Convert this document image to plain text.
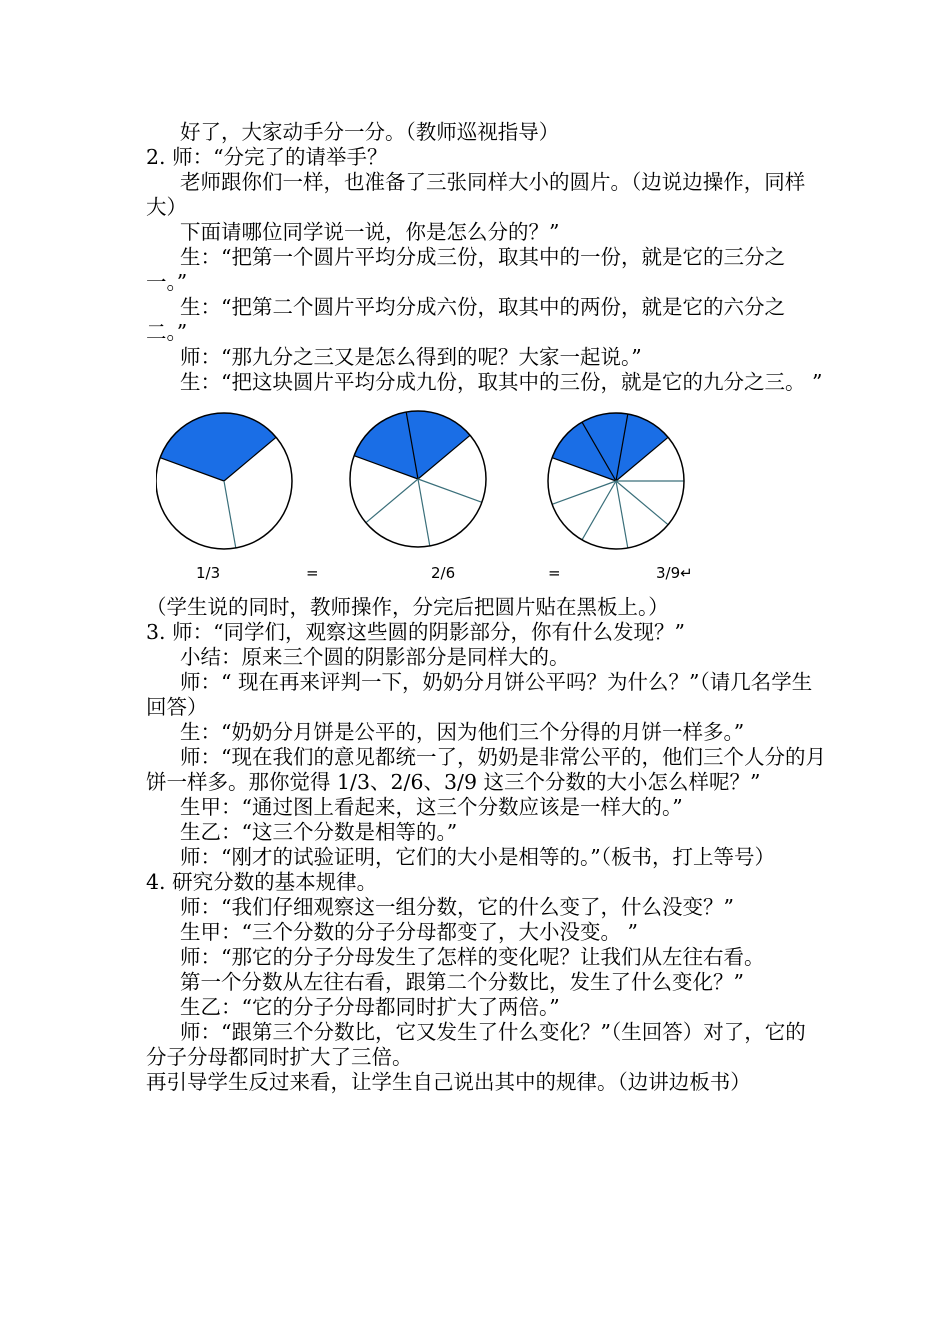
好了，大家动手分一分。（教师巡视指导）

2. 师：“分完了的请举手？

老师跟你们一样，也准备了三张同样大小的圆片。（边说边操作，同样大）

下面请哪位同学说一说，你是怎么分的？”

生：“把第一个圆片平均分成三份，取其中的一份，就是它的三分之一。”

生：“把第二个圆片平均分成六份，取其中的两份，就是它的六分之二。”

师：“那九分之三又是怎么得到的呢？大家一起说。”

生：“把这块圆片平均分成九份，取其中的三份，就是它的九分之三。 ”

1/3	=	2/6	=	3/9↵

（学生说的同时，教师操作，分完后把圆片贴在黑板上。）

3. 师：“同学们，观察这些圆的阴影部分，你有什么发现？”

小结：原来三个圆的阴影部分是同样大的。

师：“ 现在再来评判一下，奶奶分月饼公平吗？为什么？”（请几名学生回答）

生：“奶奶分月饼是公平的，因为他们三个分得的月饼一样多。”

师：“现在我们的意见都统一了，奶奶是非常公平的，他们三个人分的月饼一样多。那你觉得 1/3、2/6、3/9 这三个分数的大小怎么样呢？”

生甲：“通过图上看起来，这三个分数应该是一样大的。”

生乙：“这三个分数是相等的。”

师：“刚才的试验证明，它们的大小是相等的。”（板书，打上等号）

4. 研究分数的基本规律。

师：“我们仔细观察这一组分数，它的什么变了，什么没变？”

生甲：“三个分数的分子分母都变了，大小没变。 ”

师：“那它的分子分母发生了怎样的变化呢？让我们从左往右看。

第一个分数从左往右看，跟第二个分数比，发生了什么变化？”

生乙：“它的分子分母都同时扩大了两倍。”

师：“跟第三个分数比，它又发生了什么变化？”（生回答）对了，它的分子分母都同时扩大了三倍。

再引导学生反过来看，让学生自己说出其中的规律。（边讲边板书）
